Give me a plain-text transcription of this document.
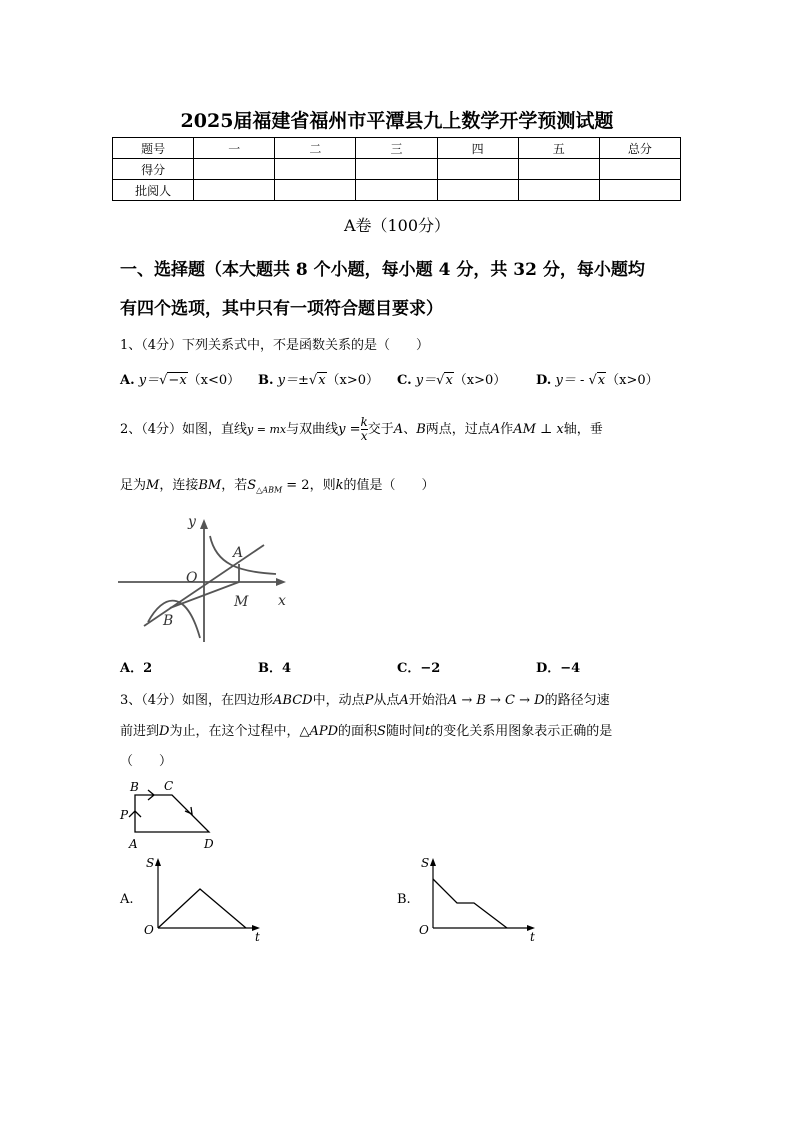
2025届福建省福州市平潭县九上数学开学预测试题
题号	一	二	三	四	五	总分
得分						
批阅人						
A卷（100分）
一、选择题（本大题共 8 个小题，每小题 4 分，共 32 分，每小题均
有四个选项，其中只有一项符合题目要求）
1、（4分）下列关系式中，不是函数关系的是（　　）
A. y＝√−x（x<0） B. y＝±√x（x>0） C. y＝√x（x>0） D. y＝ - √x（x>0）
2、（4分）如图，直线y = mx与双曲线$y = \frac{k}{x}$ 交于A、B两点，过点A作AM ⊥ x轴，垂
足为M，连接BM，若$S_{\triangle ABM} = 2$，则k的值是（　　）
y
x
O
A
B
M
A．2	B．4	C．−2	D．−4
3、（4分）如图，在四边形ABCD中，动点P从点A开始沿A → B → C → D的路径匀速
前进到D为止，在这个过程中，△APD的面积S随时间t的变化关系用图象表示正确的是
（　　）
A
B C
D
P
A.
S
O	t
B.
S
O	t
